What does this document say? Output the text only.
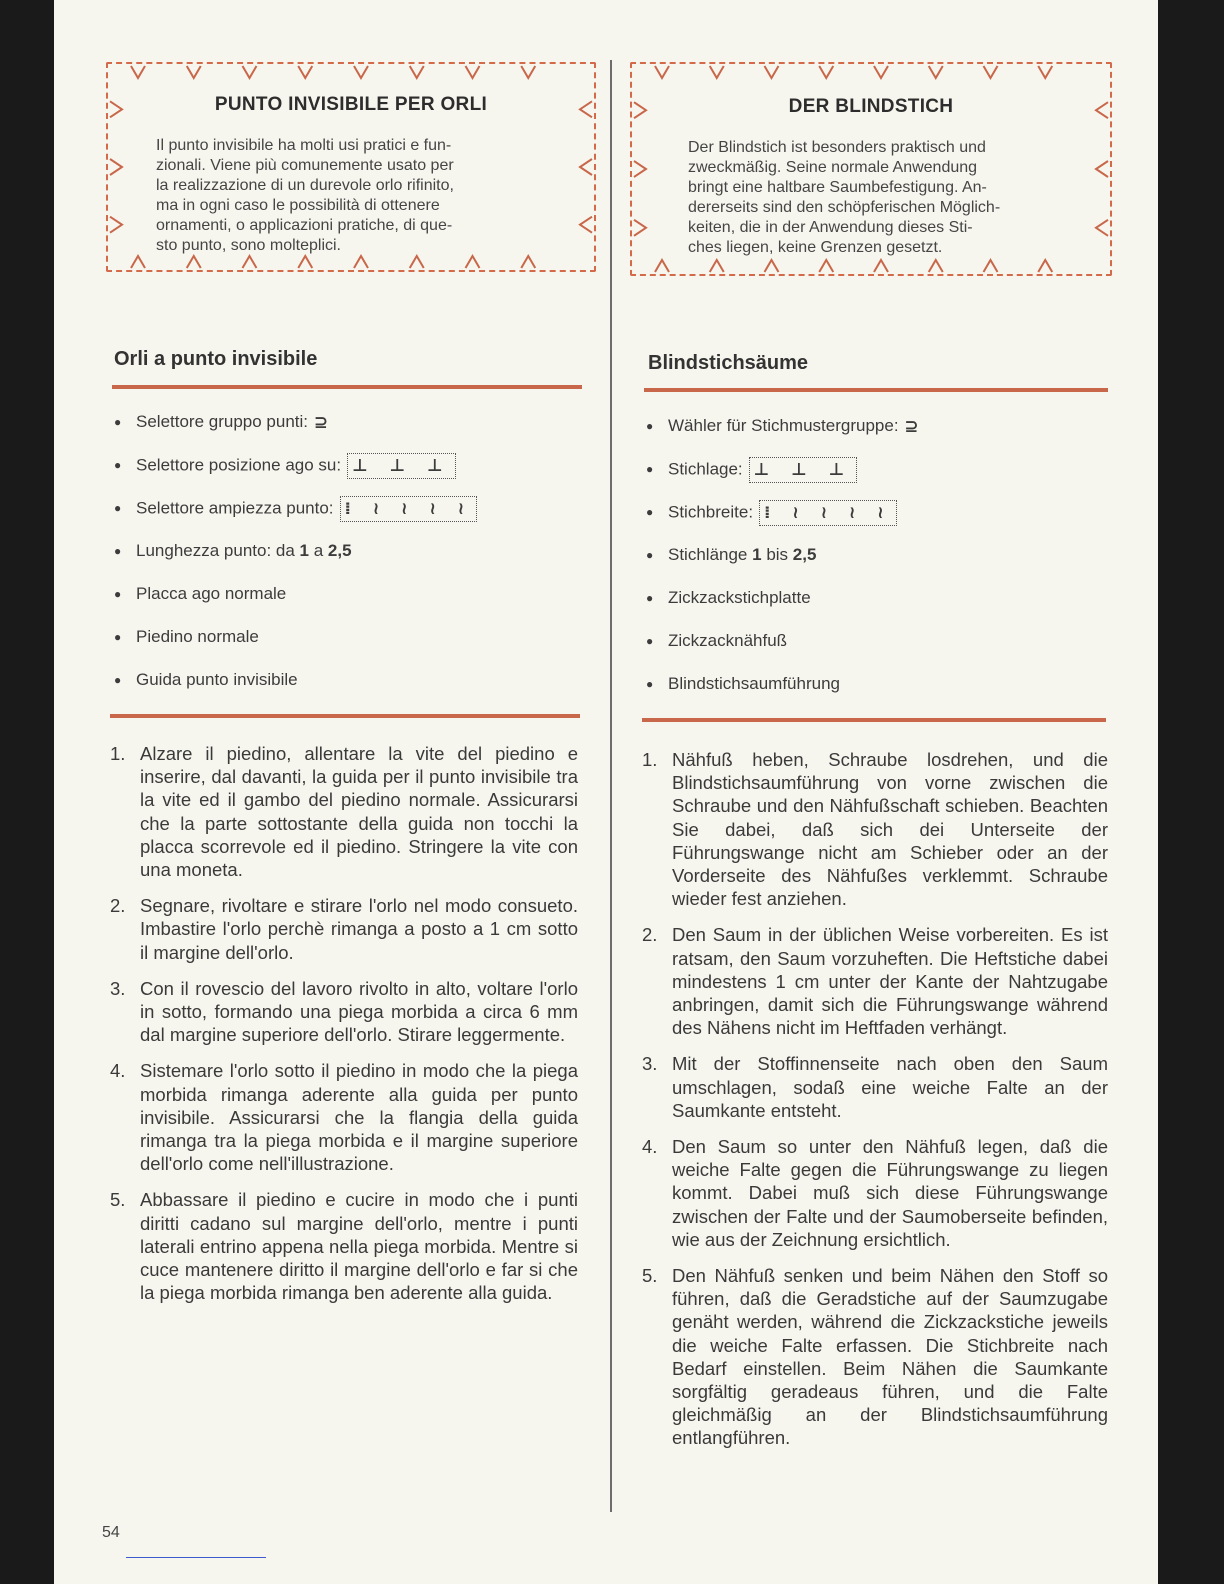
PUNTO INVISIBILE PER ORLI
Il punto invisibile ha molti usi pratici e fun-
zionali. Viene più comunemente usato per
la realizzazione di un durevole orlo rifinito,
ma in ogni caso le possibilità di ottenere
ornamenti, o applicazioni pratiche, di que-
sto punto, sono molteplici.
DER BLINDSTICH
Der Blindstich ist besonders praktisch und
zweckmäßig. Seine normale Anwendung
bringt eine haltbare Saumbefestigung. An-
dererseits sind den schöpferischen Möglich-
keiten, die in der Anwendung dieses Sti-
ches liegen, keine Grenzen gesetzt.
Orli a punto invisibile
● Selettore gruppo punti: ⊇
● Selettore posizione ago su: ⊥ ⊥ ⊥
● Selettore ampiezza punto: ⁞ ≀ ≀ ≀ ≀
● Lunghezza punto: da 1 a 2,5
● Placca ago normale
● Piedino normale
● Guida punto invisibile
1. Alzare il piedino, allentare la vite del piedino e inserire, dal davanti, la guida per il punto invisibile tra la vite ed il gambo del piedino normale. Assicurarsi che la parte sottostante della guida non tocchi la placca scorrevole ed il piedino. Stringere la vite con una moneta.
2. Segnare, rivoltare e stirare l'orlo nel modo consueto. Imbastire l'orlo perchè rimanga a posto a 1 cm sotto il margine dell'orlo.
3. Con il rovescio del lavoro rivolto in alto, voltare l'orlo in sotto, formando una piega morbida a circa 6 mm dal margine superiore dell'orlo. Stirare leggermente.
4. Sistemare l'orlo sotto il piedino in modo che la piega morbida rimanga aderente alla guida per punto invisibile. Assicurarsi che la flangia della guida rimanga tra la piega morbida e il margine superiore dell'orlo come nell'illustrazione.
5. Abbassare il piedino e cucire in modo che i punti diritti cadano sul margine dell'orlo, mentre i punti laterali entrino appena nella piega morbida. Mentre si cuce mantenere diritto il margine dell'orlo e far si che la piega morbida rimanga ben aderente alla guida.
Blindstichsäume
● Wähler für Stichmustergruppe: ⊇
● Stichlage: ⊥ ⊥ ⊥
● Stichbreite: ⁞ ≀ ≀ ≀ ≀
● Stichlänge 1 bis 2,5
● Zickzackstichplatte
● Zickzacknähfuß
● Blindstichsaumführung
1. Nähfuß heben, Schraube losdrehen, und die Blindstichsaumführung von vorne zwischen die Schraube und den Nähfußschaft schieben. Beachten Sie dabei, daß sich dei Unterseite der Führungswange nicht am Schieber oder an der Vorderseite des Nähfußes verklemmt. Schraube wieder fest anziehen.
2. Den Saum in der üblichen Weise vorbereiten. Es ist ratsam, den Saum vorzuheften. Die Heftstiche dabei mindestens 1 cm unter der Kante der Nahtzugabe anbringen, damit sich die Führungswange während des Nähens nicht im Heftfaden verhängt.
3. Mit der Stoffinnenseite nach oben den Saum umschlagen, sodaß eine weiche Falte an der Saumkante entsteht.
4. Den Saum so unter den Nähfuß legen, daß die weiche Falte gegen die Führungswange zu liegen kommt. Dabei muß sich diese Führungswange zwischen der Falte und der Saumoberseite befinden, wie aus der Zeichnung ersichtlich.
5. Den Nähfuß senken und beim Nähen den Stoff so führen, daß die Geradstiche auf der Saumzugabe genäht werden, während die Zickzackstiche jeweils die weiche Falte erfassen. Die Stichbreite nach Bedarf einstellen. Beim Nähen die Saumkante sorgfältig geradeaus führen, und die Falte gleichmäßig an der Blindstichsaumführung entlangführen.
54
